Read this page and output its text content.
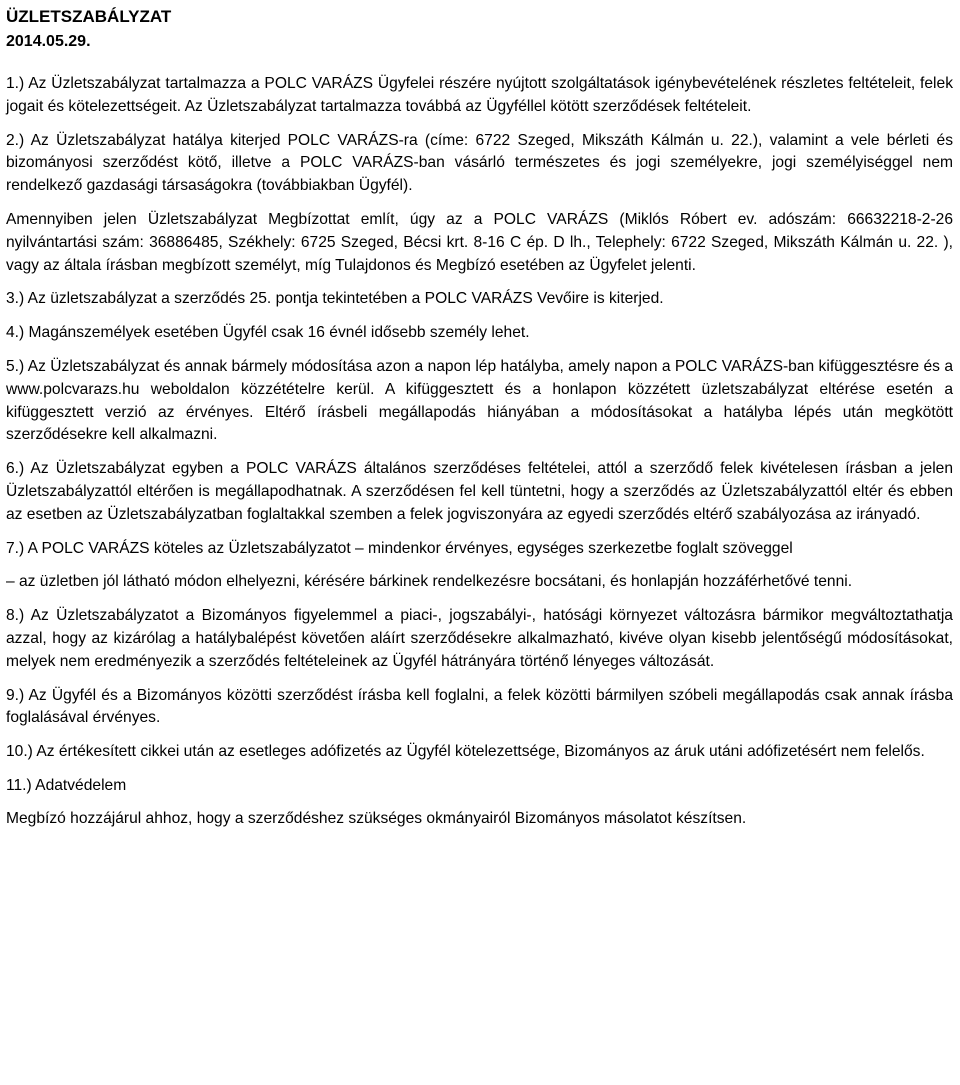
ÜZLETSZABÁLYZAT
2014.05.29.

1.) Az Üzletszabályzat tartalmazza a POLC VARÁZS Ügyfelei részére nyújtott szolgáltatások igénybevételének részletes feltételeit, felek jogait és kötelezettségeit. Az Üzletszabályzat tartalmazza továbbá az Ügyféllel kötött szerződések feltételeit.

2.) Az Üzletszabályzat hatálya kiterjed POLC VARÁZS-ra (címe: 6722 Szeged, Mikszáth Kálmán u. 22.), valamint a vele bérleti és bizományosi szerződést kötő, illetve a POLC VARÁZS-ban vásárló természetes és jogi személyekre, jogi személyiséggel nem rendelkező gazdasági társaságokra (továbbiakban Ügyfél).

Amennyiben jelen Üzletszabályzat Megbízottat említ, úgy az a POLC VARÁZS (Miklós Róbert ev. adószám: 66632218-2-26 nyilvántartási szám: 36886485, Székhely: 6725 Szeged, Bécsi krt. 8-16 C ép. D lh., Telephely: 6722 Szeged, Mikszáth Kálmán u. 22. ), vagy az általa írásban megbízott személyt, míg Tulajdonos és Megbízó esetében az Ügyfelet jelenti.

3.) Az üzletszabályzat a szerződés 25. pontja tekintetében a POLC VARÁZS Vevőire is kiterjed.

4.) Magánszemélyek esetében Ügyfél csak 16 évnél idősebb személy lehet.

5.) Az Üzletszabályzat és annak bármely módosítása azon a napon lép hatályba, amely napon a POLC VARÁZS-ban kifüggesztésre és a www.polcvarazs.hu weboldalon közzétételre kerül. A kifüggesztett és a honlapon közzétett üzletszabályzat eltérése esetén a kifüggesztett verzió az érvényes. Eltérő írásbeli megállapodás hiányában a módosításokat a hatályba lépés után megkötött szerződésekre kell alkalmazni.

6.) Az Üzletszabályzat egyben a POLC VARÁZS általános szerződéses feltételei, attól a szerződő felek kivételesen írásban a jelen Üzletszabályzattól eltérően is megállapodhatnak. A szerződésen fel kell tüntetni, hogy a szerződés az Üzletszabályzattól eltér és ebben az esetben az Üzletszabályzatban foglaltakkal szemben a felek jogviszonyára az egyedi szerződés eltérő szabályozása az irányadó.

7.) A POLC VARÁZS köteles az Üzletszabályzatot – mindenkor érvényes, egységes szerkezetbe foglalt szöveggel

– az üzletben jól látható módon elhelyezni, kérésére bárkinek rendelkezésre bocsátani, és honlapján hozzáférhetővé tenni.

8.) Az Üzletszabályzatot a Bizományos figyelemmel a piaci-, jogszabályi-, hatósági környezet változásra bármikor megváltoztathatja azzal, hogy az kizárólag a hatálybalépést követően aláírt szerződésekre alkalmazható, kivéve olyan kisebb jelentőségű módosításokat, melyek nem eredményezik a szerződés feltételeinek az Ügyfél hátrányára történő lényeges változását.

9.) Az Ügyfél és a Bizományos közötti szerződést írásba kell foglalni, a felek közötti bármilyen szóbeli megállapodás csak annak írásba foglalásával érvényes.

10.) Az értékesített cikkei után az esetleges adófizetés az Ügyfél kötelezettsége, Bizományos az áruk utáni adófizetésért nem felelős.

11.) Adatvédelem

Megbízó hozzájárul ahhoz, hogy a szerződéshez szükséges okmányairól Bizományos másolatot készítsen.
